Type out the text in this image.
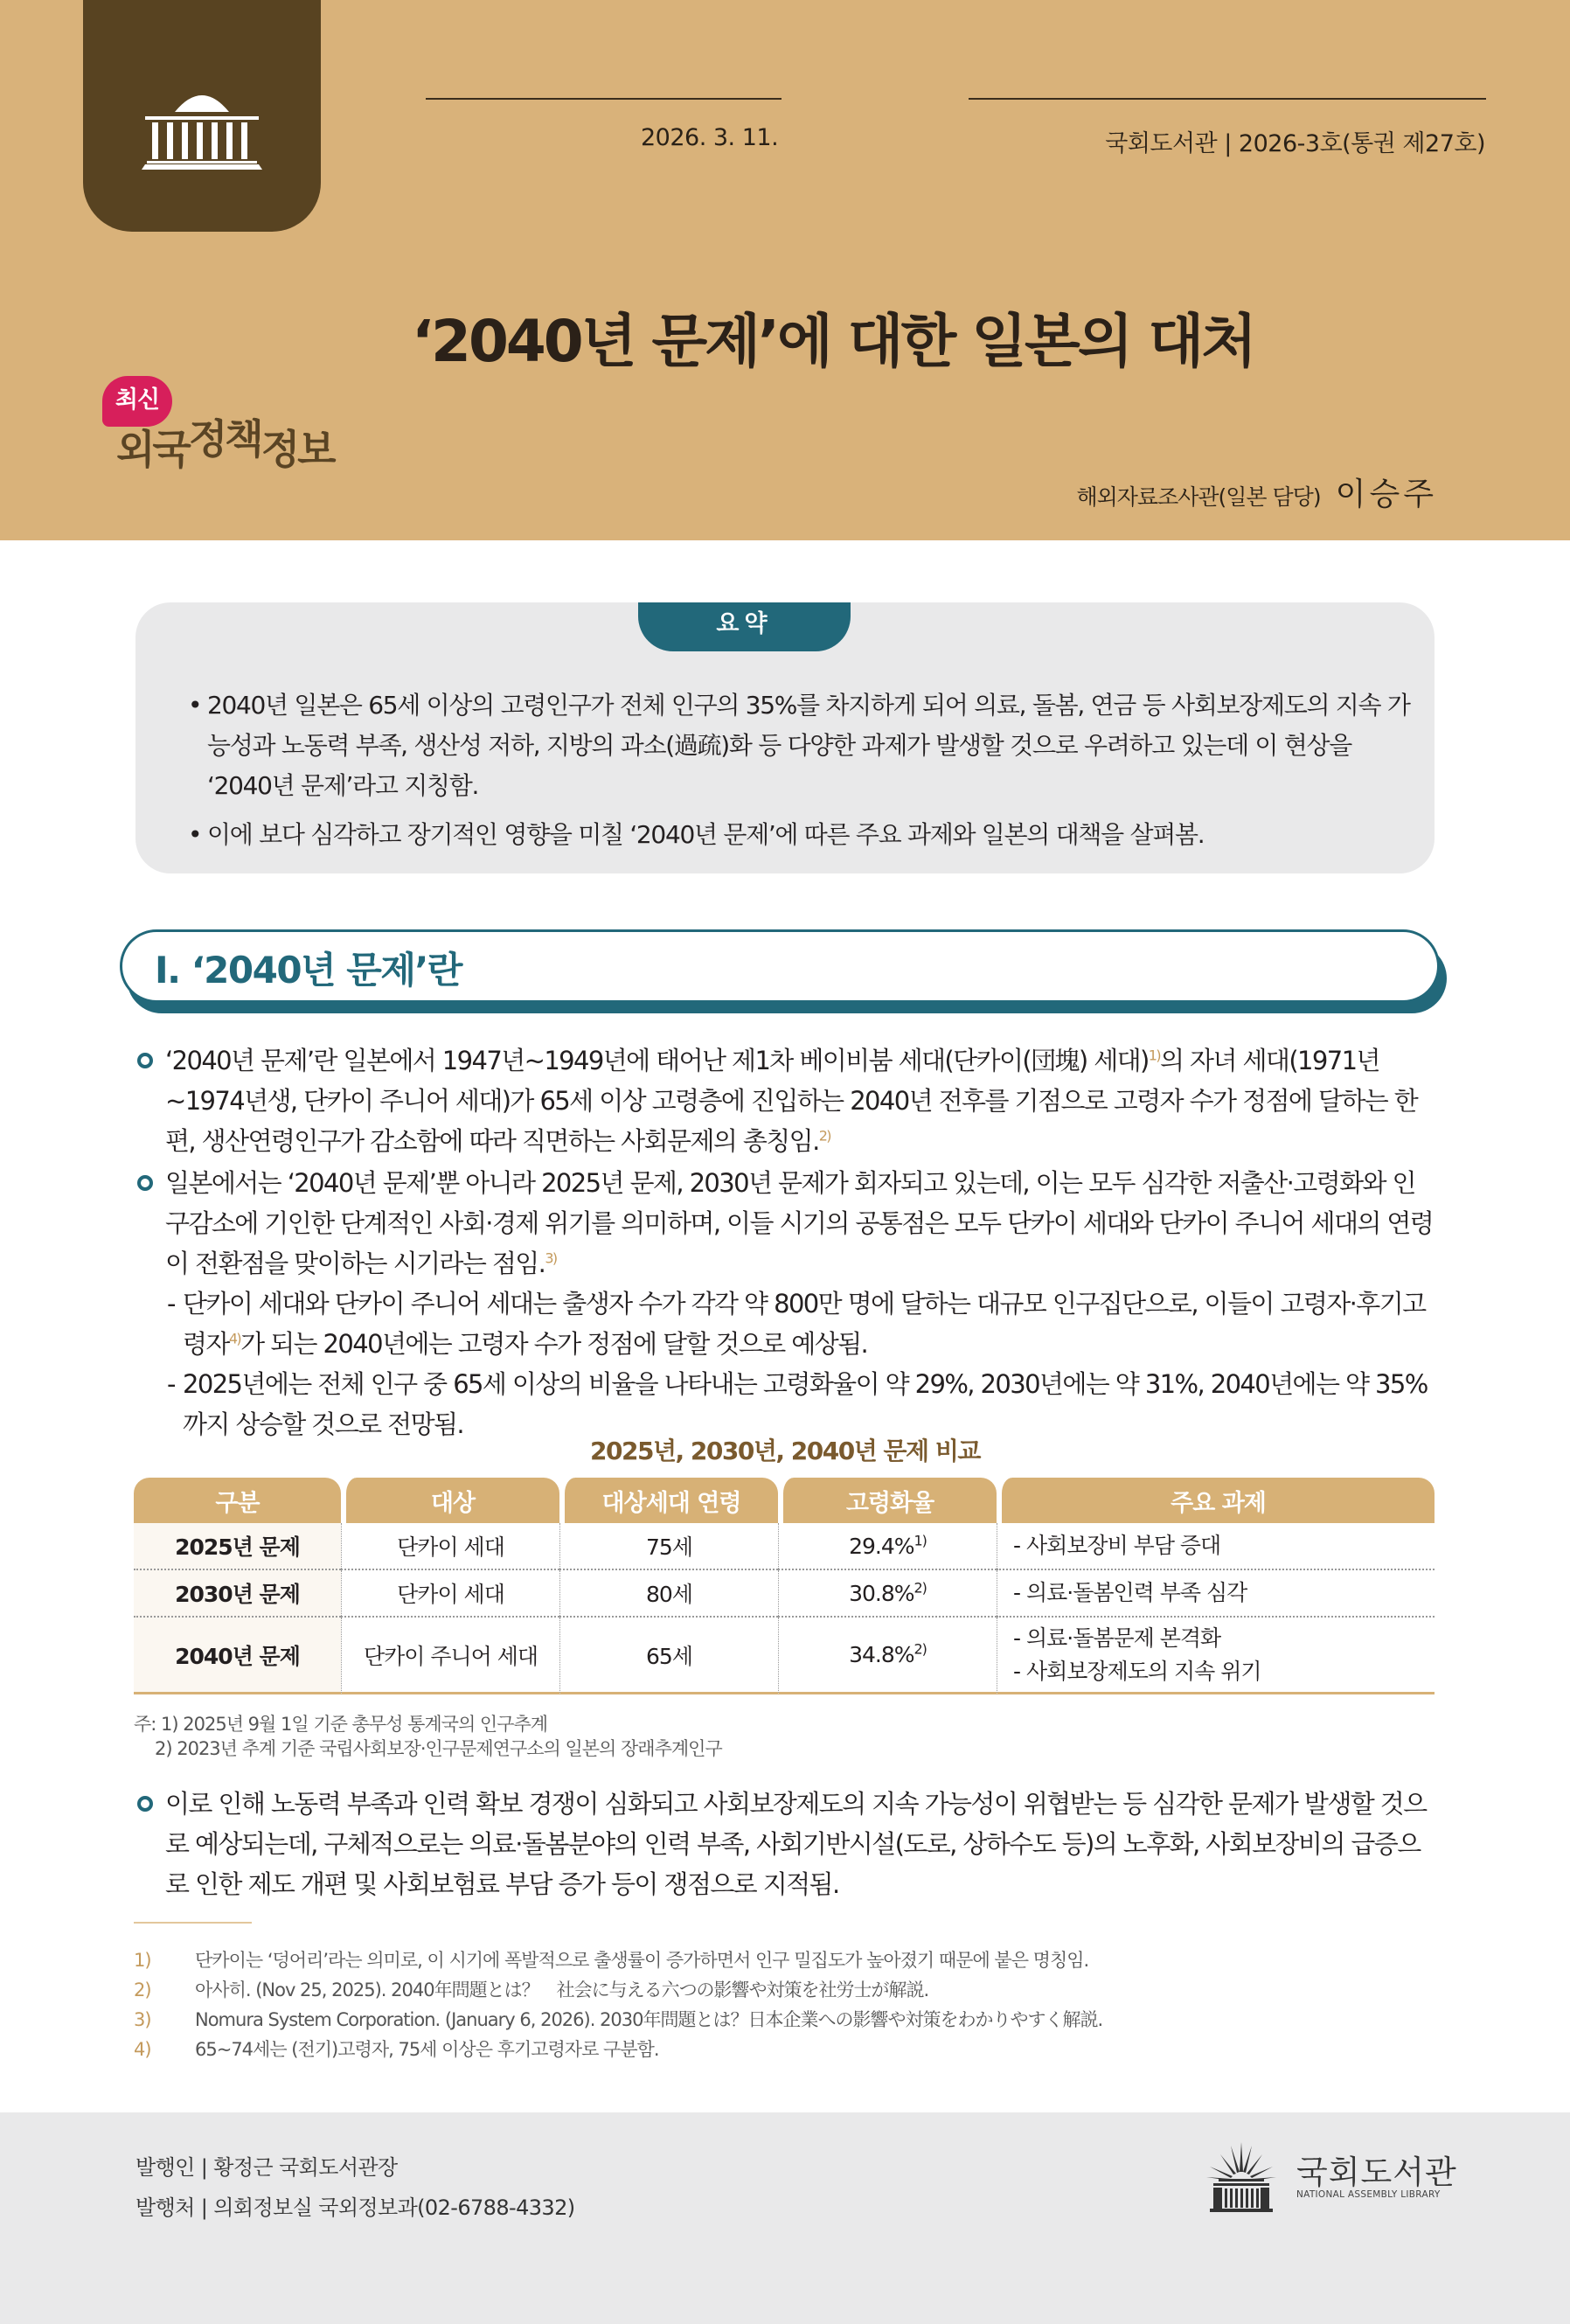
2026. 3. 11.	국회도서관 | 2026-3호(통권 제27호)
‘2040년 문제’에 대한 일본의 대처
최신
외국정책정보
해외자료조사관(일본 담당) 이승주
요약
• 2040년 일본은 65세 이상의 고령인구가 전체 인구의 35%를 차지하게 되어 의료, 돌봄, 연금 등 사회보장제도의 지속 가능성과 노동력 부족, 생산성 저하, 지방의 과소(過疏)화 등 다양한 과제가 발생할 것으로 우려하고 있는데 이 현상을 ‘2040년 문제’라고 지칭함.
• 이에 보다 심각하고 장기적인 영향을 미칠 ‘2040년 문제’에 따른 주요 과제와 일본의 대책을 살펴봄.
Ⅰ. ‘2040년 문제’란
‘2040년 문제’란 일본에서 1947년~1949년에 태어난 제1차 베이비붐 세대(단카이(団塊) 세대)$^{1)}$의 자녀 세대(1971년~1974년생, 단카이 주니어 세대)가 65세 이상 고령층에 진입하는 2040년 전후를 기점으로 고령자 수가 정점에 달하는 한편, 생산연령인구가 감소함에 따라 직면하는 사회문제의 총칭임.$^{2)}$
일본에서는 ‘2040년 문제’뿐 아니라 2025년 문제, 2030년 문제가 회자되고 있는데, 이는 모두 심각한 저출산·고령화와 인구감소에 기인한 단계적인 사회·경제 위기를 의미하며, 이들 시기의 공통점은 모두 단카이 세대와 단카이 주니어 세대의 연령이 전환점을 맞이하는 시기라는 점임.$^{3)}$
- 단카이 세대와 단카이 주니어 세대는 출생자 수가 각각 약 800만 명에 달하는 대규모 인구집단으로, 이들이 고령자·후기고령자$^{4)}$가 되는 2040년에는 고령자 수가 정점에 달할 것으로 예상됨.
- 2025년에는 전체 인구 중 65세 이상의 비율을 나타내는 고령화율이 약 29%, 2030년에는 약 31%, 2040년에는 약 35%까지 상승할 것으로 전망됨.
2025년, 2030년, 2040년 문제 비교
구분	대상	대상세대 연령	고령화율	주요 과제
2025년 문제	단카이 세대	75세	29.4%$^{1)}$	- 사회보장비 부담 증대

2030년 문제	단카이 세대	80세	30.8%$^{2)}$	- 의료·돌봄인력 부족 심각

2040년 문제	단카이 주니어 세대	65세	34.8%$^{2)}$	- 의료·돌봄문제 본격화
- 사회보장제도의 지속 위기
주: 1) 2025년 9월 1일 기준 총무성 통계국의 인구추계
2) 2023년 추계 기준 국립사회보장·인구문제연구소의 일본의 장래추계인구
이로 인해 노동력 부족과 인력 확보 경쟁이 심화되고 사회보장제도의 지속 가능성이 위협받는 등 심각한 문제가 발생할 것으로 예상되는데, 구체적으로는 의료·돌봄분야의 인력 부족, 사회기반시설(도로, 상하수도 등)의 노후화, 사회보장비의 급증으로 인한 제도 개편 및 사회보험료 부담 증가 등이 쟁점으로 지적됨.
1) 단카이는 ‘덩어리’라는 의미로, 이 시기에 폭발적으로 출생률이 증가하면서 인구 밀집도가 높아졌기 때문에 붙은 명칭임.
2) 아사히. (Nov 25, 2025). 2040年問題とは？　社会に与える六つの影響や対策を社労士が解説.
3) Nomura System Corporation. (January 6, 2026). 2030年問題とは？日本企業への影響や対策をわかりやすく解説.
4) 65~74세는 (전기)고령자, 75세 이상은 후기고령자로 구분함.
발행인 | 황정근 국회도서관장
발행처 | 의회정보실 국외정보과(02-6788-4332)
국회도서관
NATIONAL ASSEMBLY LIBRARY
